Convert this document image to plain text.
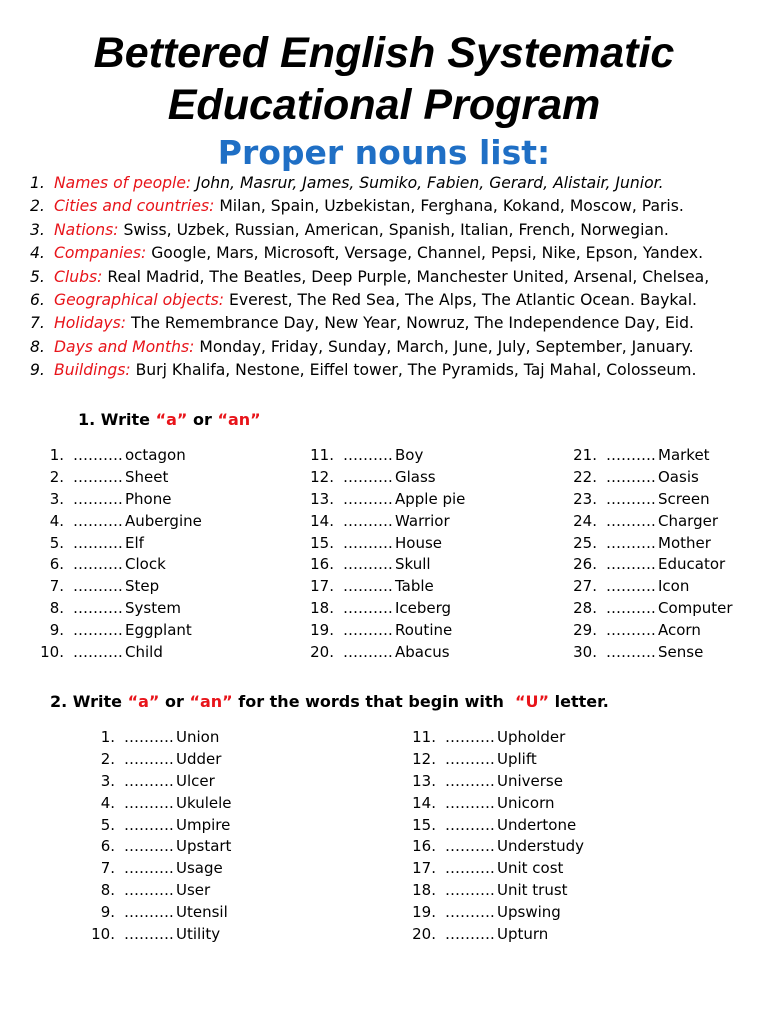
Bettered English Systematic
Educational Program
Proper nouns list:
1. Names of people: John, Masrur, James, Sumiko, Fabien, Gerard, Alistair, Junior.
2. Cities and countries: Milan, Spain, Uzbekistan, Ferghana, Kokand, Moscow, Paris.
3. Nations: Swiss, Uzbek, Russian, American, Spanish, Italian, French, Norwegian.
4. Companies: Google, Mars, Microsoft, Versage, Channel, Pepsi, Nike, Epson, Yandex.
5. Clubs: Real Madrid, The Beatles, Deep Purple, Manchester United, Arsenal, Chelsea,
6. Geographical objects: Everest, The Red Sea, The Alps, The Atlantic Ocean. Baykal.
7. Holidays: The Remembrance Day, New Year, Nowruz, The Independence Day, Eid.
8. Days and Months: Monday, Friday, Sunday, March, June, July, September, January.
9. Buildings: Burj Khalifa, Nestone, Eiffel tower, The Pyramids, Taj Mahal, Colosseum.

1. Write “a” or “an”

1. ………. octagon
2. ………. Sheet
3. ………. Phone
4. ………. Aubergine
5. ………. Elf
6. ………. Clock
7. ………. Step
8. ………. System
9. ………. Eggplant
10. ………. Child
11. ………. Boy
12. ………. Glass
13. ………. Apple pie
14. ………. Warrior
15. ………. House
16. ………. Skull
17. ………. Table
18. ………. Iceberg
19. ………. Routine
20. ………. Abacus
21. ………. Market
22. ………. Oasis
23. ………. Screen
24. ………. Charger
25. ………. Mother
26. ………. Educator
27. ………. Icon
28. ………. Computer
29. ………. Acorn
30. ………. Sense

2. Write “a” or “an” for the words that begin with  “U” letter.

1. ………. Union
2. ………. Udder
3. ………. Ulcer
4. ………. Ukulele
5. ………. Umpire
6. ………. Upstart
7. ………. Usage
8. ………. User
9. ………. Utensil
10. ………. Utility
11. ………. Upholder
12. ………. Uplift
13. ………. Universe
14. ………. Unicorn
15. ………. Undertone
16. ………. Understudy
17. ………. Unit cost
18. ………. Unit trust
19. ………. Upswing
20. ………. Upturn
